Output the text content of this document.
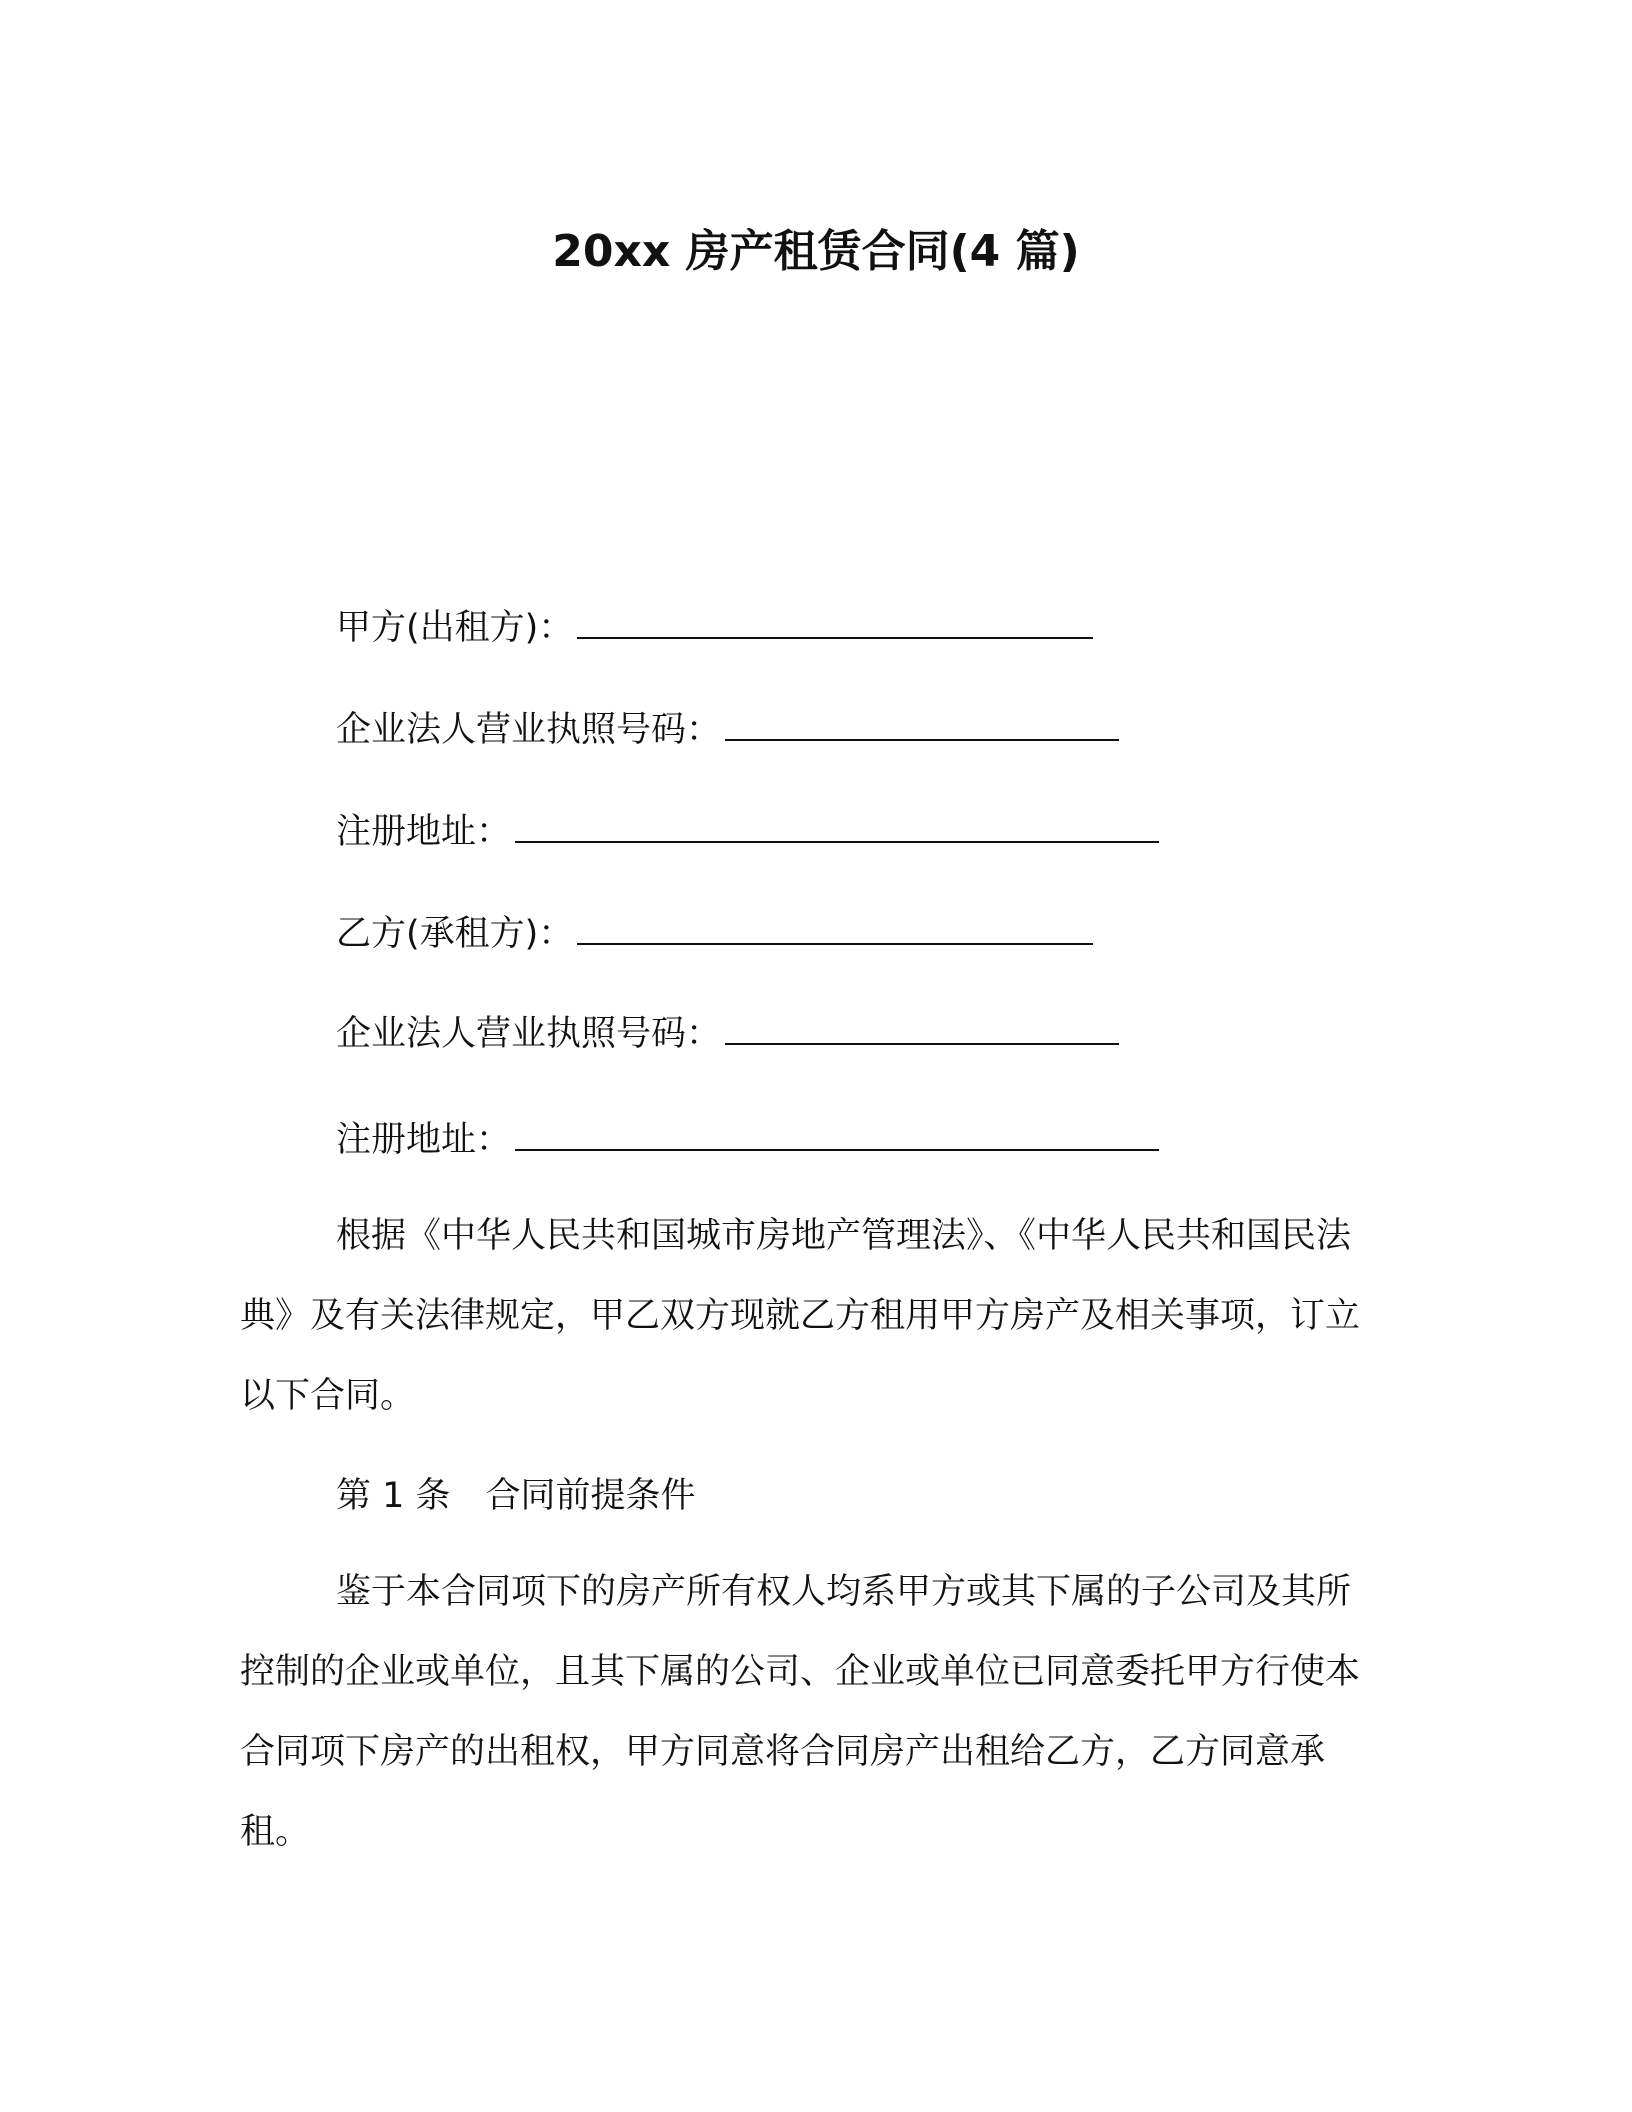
20xx 房产租赁合同(4 篇)
甲方(出租方)：
企业法人营业执照号码：
注册地址：
乙方(承租方)：
企业法人营业执照号码：
注册地址：
根据《中华人民共和国城市房地产管理法》、《中华人民共和国民法典》及有关法律规定，甲乙双方现就乙方租用甲方房产及相关事项，订立以下合同。
第 1 条　合同前提条件
鉴于本合同项下的房产所有权人均系甲方或其下属的子公司及其所控制的企业或单位，且其下属的公司、企业或单位已同意委托甲方行使本合同项下房产的出租权，甲方同意将合同房产出租给乙方，乙方同意承租。
